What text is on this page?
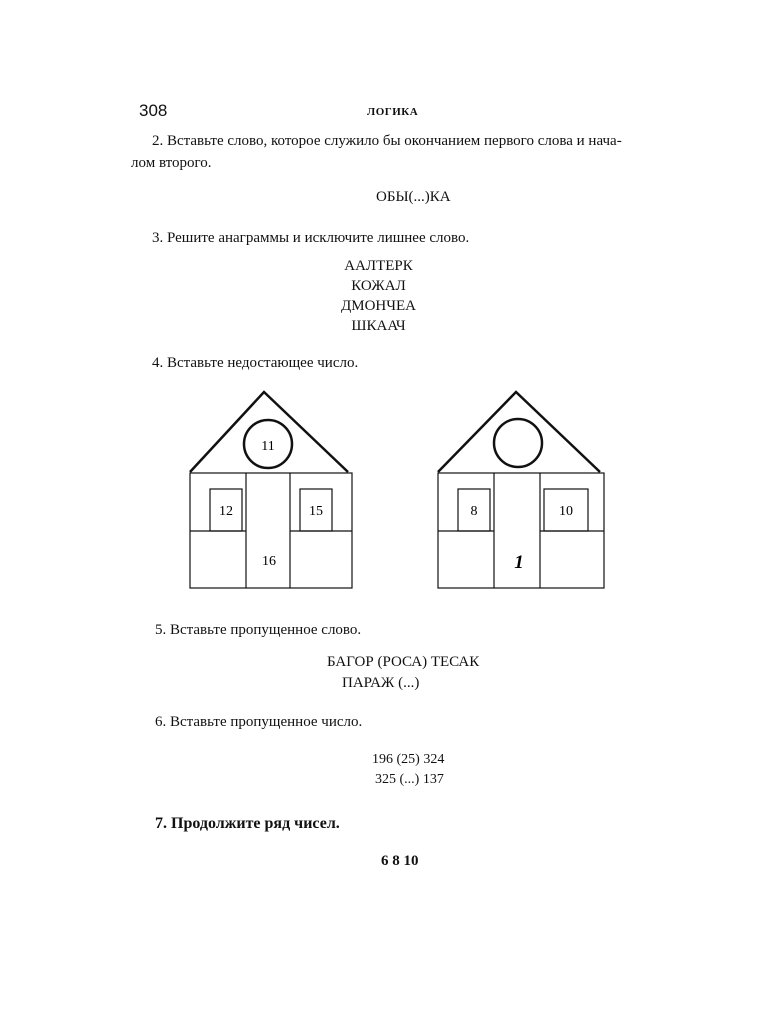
308	ЛОГИКА
2. Вставьте слово, которое служило бы окончанием первого слова и нача-
лом второго.
ОБЫ(...)КА
3. Решите анаграммы и исключите лишнее слово.
ААЛТЕРК
КОЖАЛ
ДМОНЧЕА
ШКААЧ
4. Вставьте недостающее число.
11
12	15
16
8	10
1
5. Вставьте пропущенное слово.
БАГОР (РОСА) ТЕСАК
ПАРАЖ (...)
6. Вставьте пропущенное число.
196 (25) 324
325 (...) 137
7. Продолжите ряд чисел.
6 8 10
